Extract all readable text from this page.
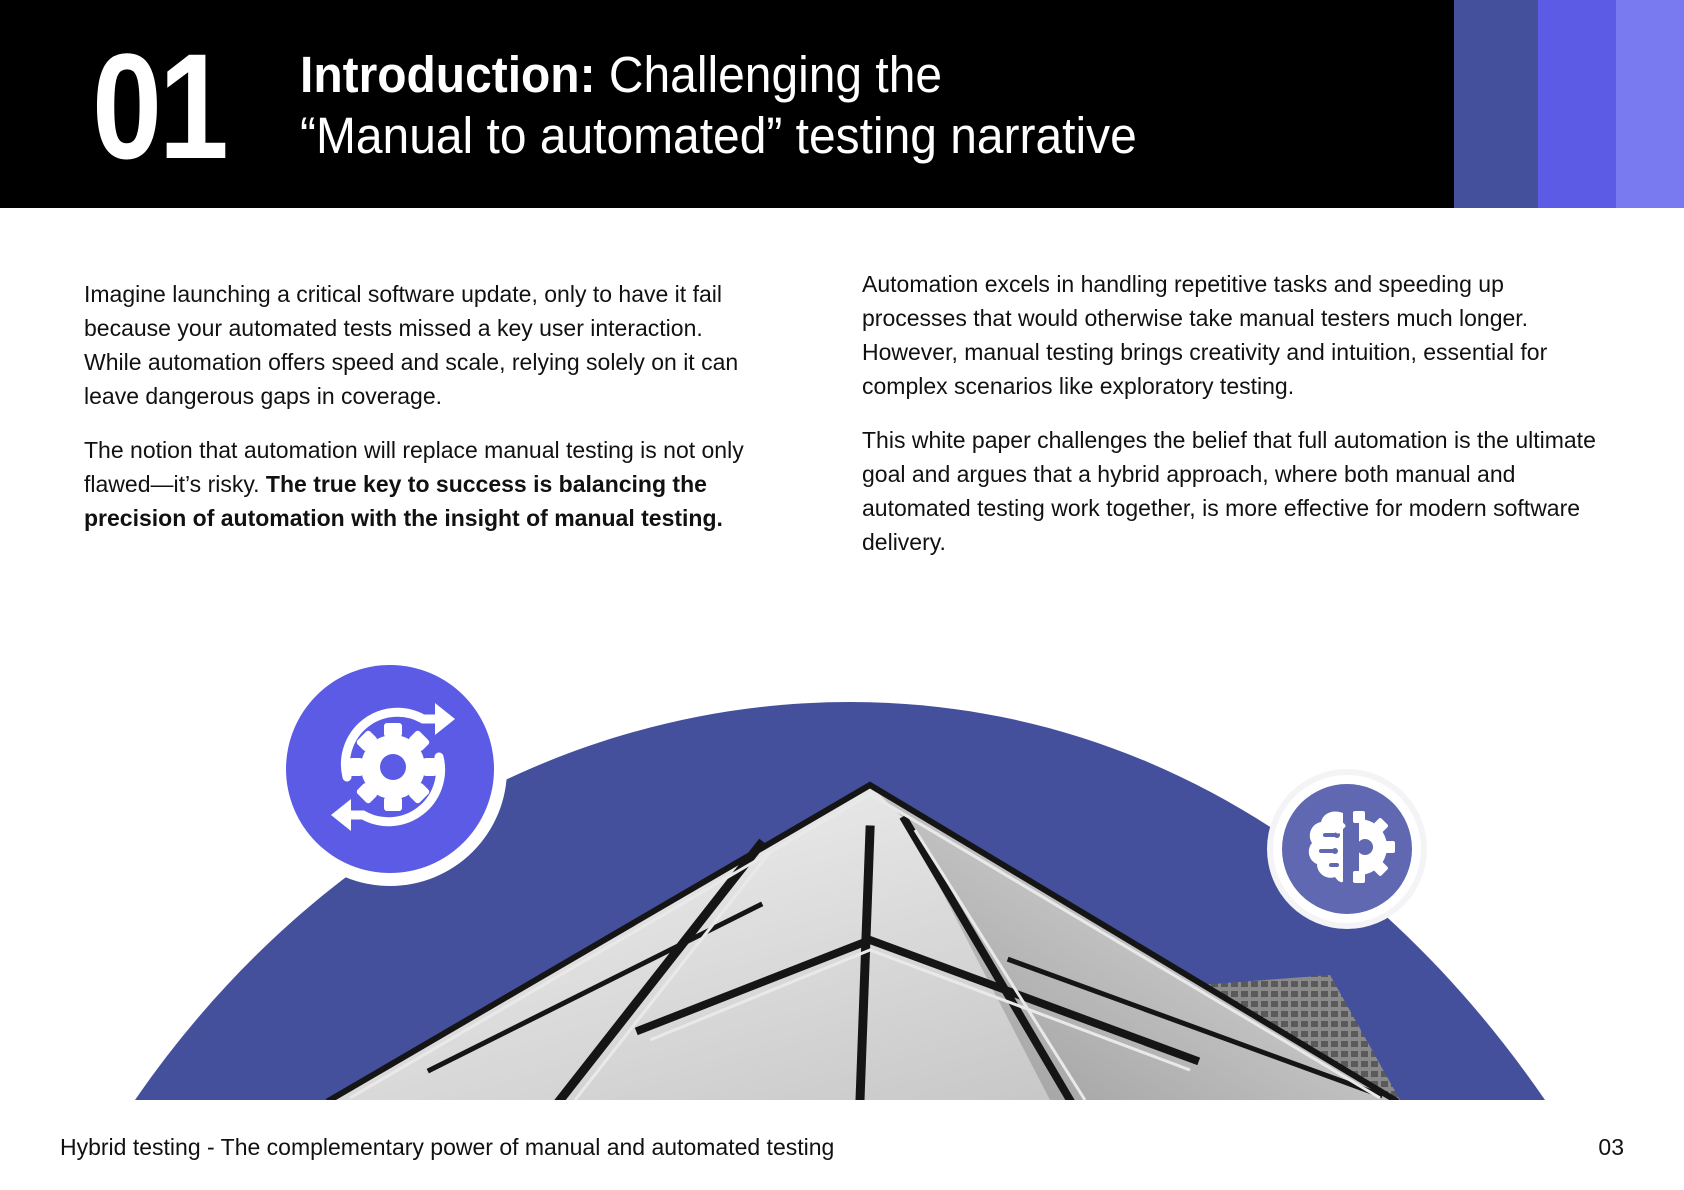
01 Introduction: Challenging the
“Manual to automated” testing narrative

Imagine launching a critical software update, only to have it fail because your automated tests missed a key user interaction. While automation offers speed and scale, relying solely on it can leave dangerous gaps in coverage.

The notion that automation will replace manual testing is not only flawed—it’s risky. The true key to success is balancing the precision of automation with the insight of manual testing.

Automation excels in handling repetitive tasks and speeding up processes that would otherwise take manual testers much longer. However, manual testing brings creativity and intuition, essential for complex scenarios like exploratory testing.

This white paper challenges the belief that full automation is the ultimate goal and argues that a hybrid approach, where both manual and automated testing work together, is more effective for modern software delivery.

Hybrid testing - The complementary power of manual and automated testing	03
